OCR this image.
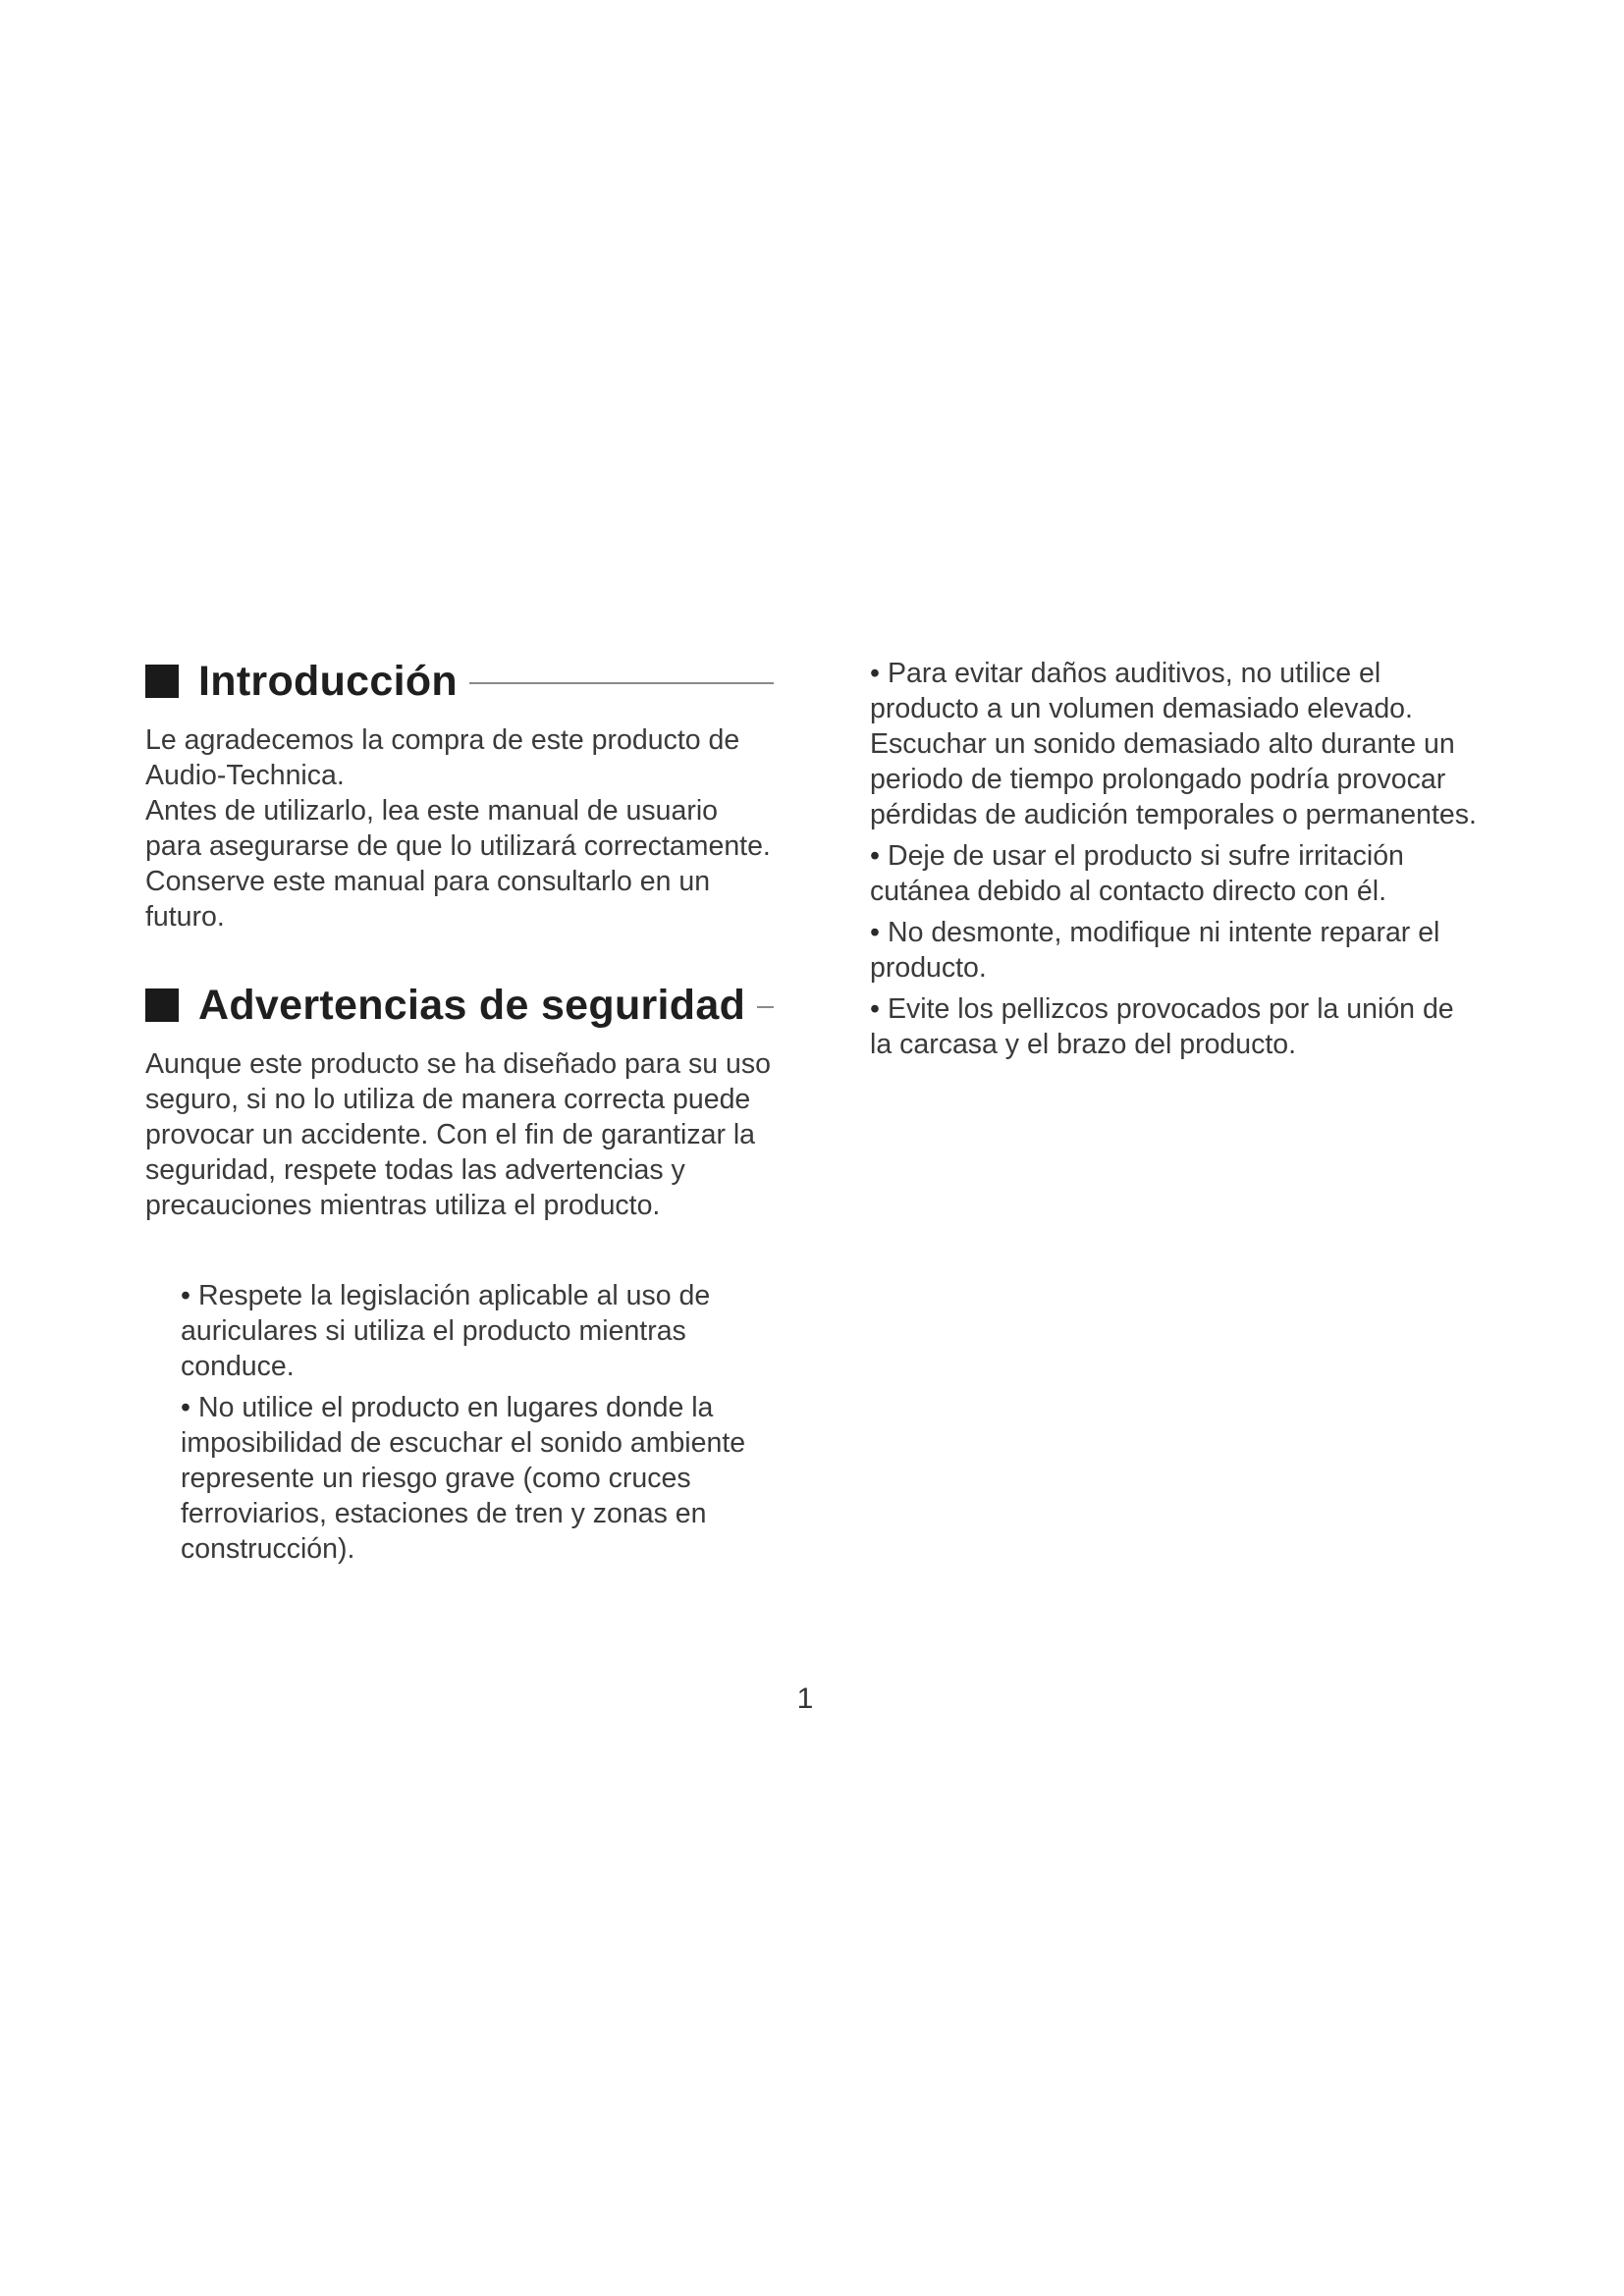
Introducción

Le agradecemos la compra de este producto de Audio-Technica.

Antes de utilizarlo, lea este manual de usuario para asegurarse de que lo utilizará correctamente. Conserve este manual para consultarlo en un futuro.

Advertencias de seguridad

Aunque este producto se ha diseñado para su uso seguro, si no lo utiliza de manera correcta puede provocar un accidente. Con el fin de garantizar la seguridad, respete todas las advertencias y precauciones mientras utiliza el producto.

• Respete la legislación aplicable al uso de auriculares si utiliza el producto mientras conduce.
• No utilice el producto en lugares donde la imposibilidad de escuchar el sonido ambiente represente un riesgo grave (como cruces ferroviarios, estaciones de tren y zonas en construcción).
• Para evitar daños auditivos, no utilice el producto a un volumen demasiado elevado. Escuchar un sonido demasiado alto durante un periodo de tiempo prolongado podría provocar pérdidas de audición temporales o permanentes.
• Deje de usar el producto si sufre irritación cutánea debido al contacto directo con él.
• No desmonte, modifique ni intente reparar el producto.
• Evite los pellizcos provocados por la unión de la carcasa y el brazo del producto.
1
